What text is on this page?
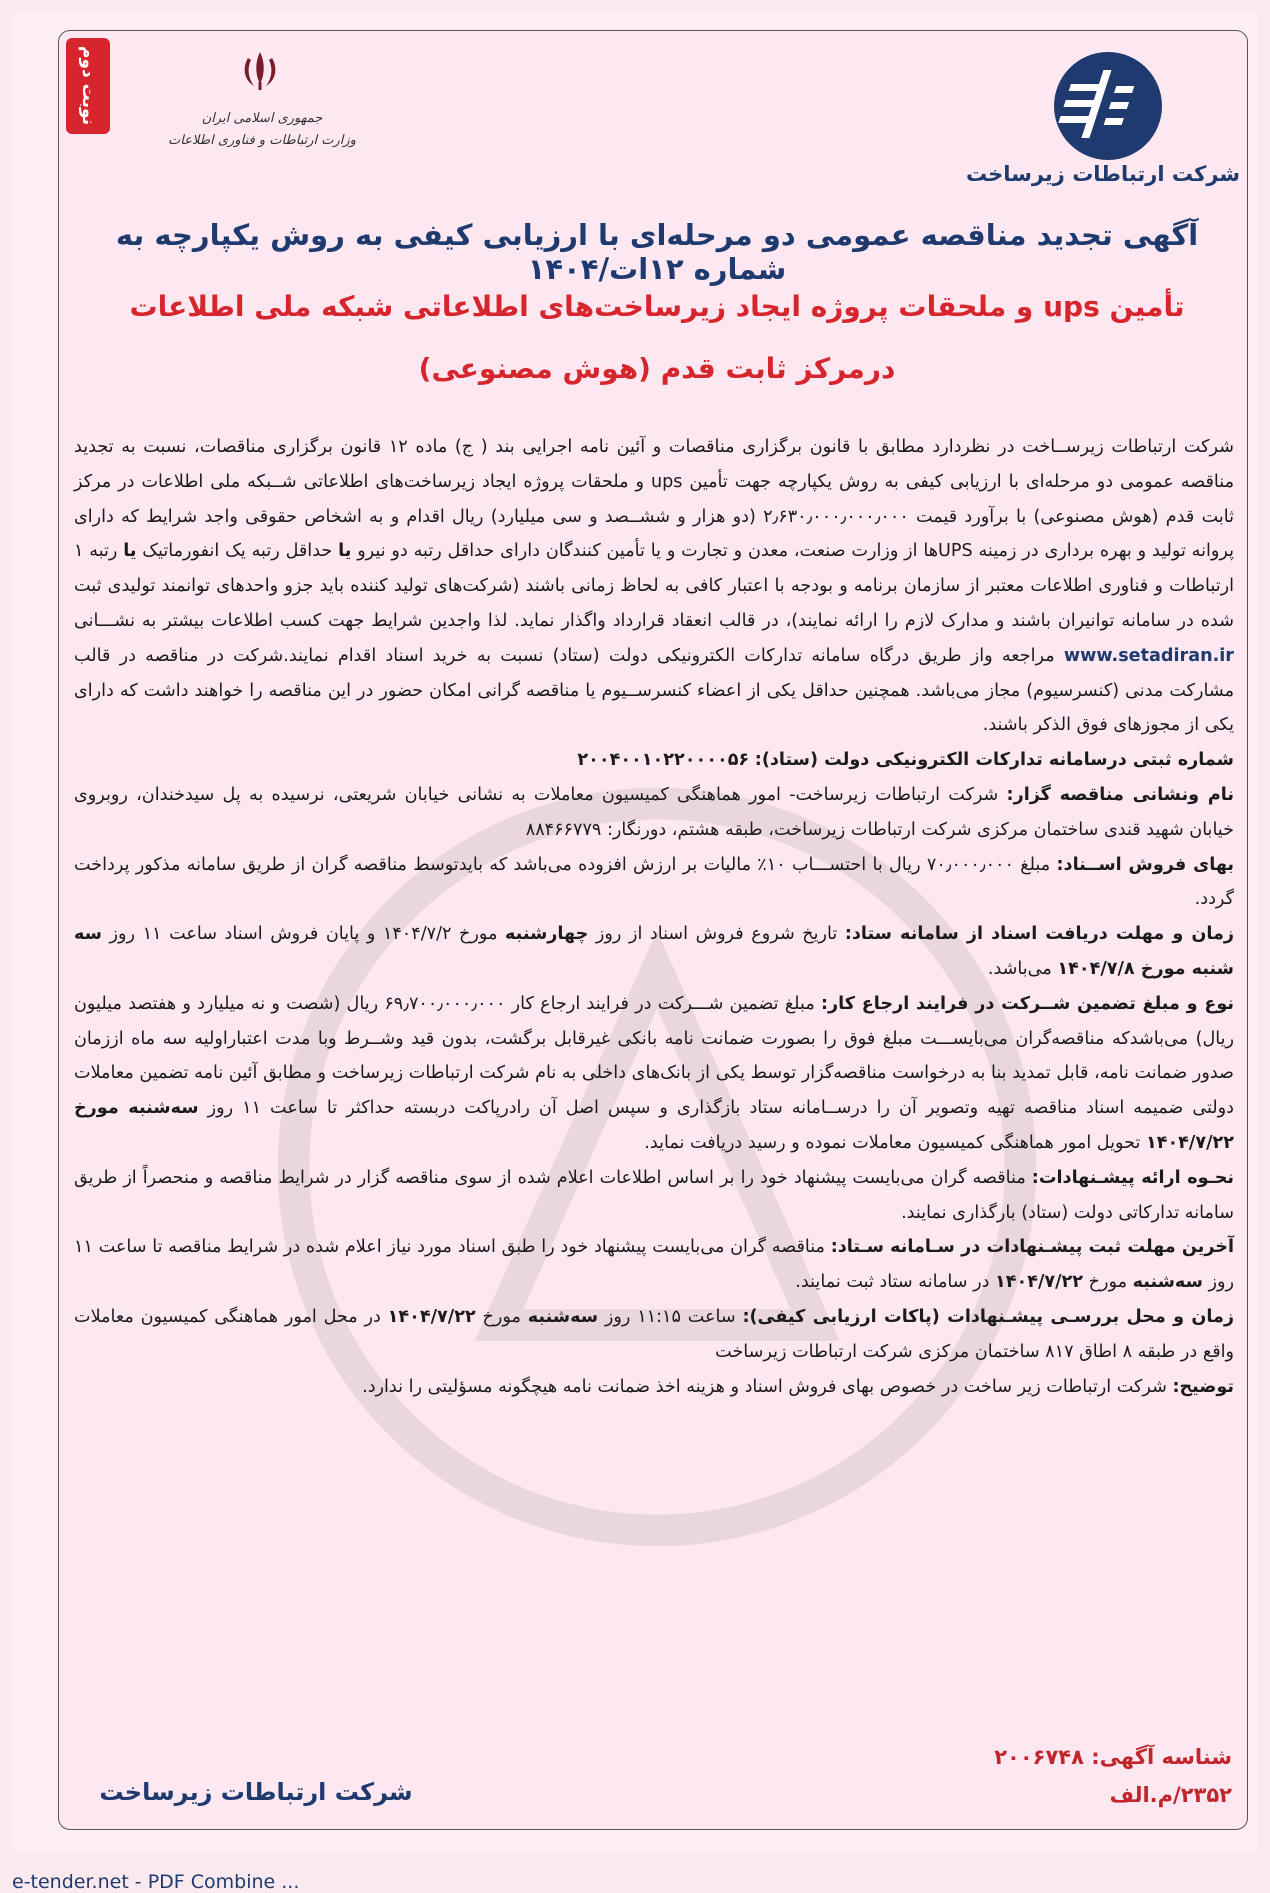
نوبت دوم	جمهوری اسلامی ایران
وزارت ارتباطات و فناوری اطلاعات
شرکت ارتباطات زیرساخت
آگهی تجدید مناقصه عمومی دو مرحله‌ای با ارزیابی کیفی به روش یکپارچه به شماره ۱۲ات/۱۴۰۴
تأمین ups و ملحقات پروژه ایجاد زیرساخت‌های اطلاعاتی شبکه ملی اطلاعات
درمرکز ثابت قدم (هوش مصنوعی)

شرکت ارتباطات زیرســاخت در نظردارد مطابق با قانون برگزاری مناقصات و آئین نامه اجرایی بند ( ج) ماده ۱۲ قانون برگزاری مناقصات، نسبت به تجدید مناقصه عمومی دو مرحله‌ای با ارزیابی کیفی به روش یکپارچه جهت تأمین ups و ملحقات پروژه ایجاد زیرساخت‌های اطلاعاتی شــبکه ملی اطلاعات در مرکز ثابت قدم (هوش مصنوعی) با برآورد قیمت ۲٫۶۳۰٫۰۰۰٫۰۰۰٫۰۰۰ (دو هزار و ششــصد و سی میلیارد) ریال اقدام و به اشخاص حقوقی واجد شرایط که دارای پروانه تولید و بهره برداری در زمینه UPSها از وزارت صنعت، معدن و تجارت و یا تأمین کنندگان دارای حداقل رتبه دو نیرو یا حداقل رتبه یک انفورماتیک یا رتبه ۱ ارتباطات و فناوری اطلاعات معتبر از سازمان برنامه و بودجه با اعتبار کافی به لحاظ زمانی باشند (شرکت‌های تولید کننده باید جزو واحدهای توانمند تولیدی ثبت شده در سامانه توانیران باشند و مدارک لازم را ارائه نمایند)، در قالب انعقاد قرارداد واگذار نماید. لذا واجدین شرایط جهت کسب اطلاعات بیشتر به نشـــانی www.setadiran.ir مراجعه واز طریق درگاه سامانه تدارکات الکترونیکی دولت (ستاد) نسبت به خرید اسناد اقدام نمایند.شرکت در مناقصه در قالب مشارکت مدنی (کنسرسیوم) مجاز می‌باشد. همچنین حداقل یکی از اعضاء کنسرســیوم یا مناقصه گرانی امکان حضور در این مناقصه را خواهند داشت که دارای یکی از مجوزهای فوق الذکر باشند.

شماره ثبتی درسامانه تدارکات الکترونیکی دولت (ستاد): ۲۰۰۴۰۰۱۰۲۲۰۰۰۰۵۶

نام ونشانی مناقصه گزار: شرکت ارتباطات زیرساخت- امور هماهنگی کمیسیون معاملات به نشانی خیابان شریعتی، نرسیده به پل سیدخندان، روبروی خیابان شهید قندی ساختمان مرکزی شرکت ارتباطات زیرساخت، طبقه هشتم، دورنگار: ۸۸۴۶۶۷۷۹

بهای فروش اســناد: مبلغ ۷۰٫۰۰۰٫۰۰۰ ریال با احتســـاب ۱۰٪ مالیات بر ارزش افزوده می‌باشد که بایدتوسط مناقصه گران از طریق سامانه مذکور پرداخت گردد.

زمان و مهلت دریافت اسناد از سامانه ستاد: تاریخ شروع فروش اسناد از روز چهارشنبه مورخ ۱۴۰۴/۷/۲ و پایان فروش اسناد ساعت ۱۱ روز سه شنبه مورخ ۱۴۰۴/۷/۸ می‌باشد.

نوع و مبلغ تضمین شــرکت در فرایند ارجاع کار: مبلغ تضمین شـــرکت در فرایند ارجاع کار ۶۹٫۷۰۰٫۰۰۰٫۰۰۰ ریال (شصت و نه میلیارد و هفتصد میلیون ریال) می‌باشدکه مناقصه‌گران می‌بایســـت مبلغ فوق را بصورت ضمانت نامه بانکی غیرقابل برگشت، بدون قید وشــرط وبا مدت اعتباراولیه سه ماه اززمان صدور ضمانت نامه، قابل تمدید بنا به درخواست مناقصه‌گزار توسط یکی از بانک‌های داخلی به نام شرکت ارتباطات زیرساخت و مطابق آئین نامه تضمین معاملات دولتی ضمیمه اسناد مناقصه تهیه وتصویر آن را درســامانه ستاد بازگذاری و سپس اصل آن رادرپاکت دربسته حداکثر تا ساعت ۱۱ روز سه‌شنبه مورخ ۱۴۰۴/۷/۲۲ تحویل امور هماهنگی کمیسیون معاملات نموده و رسید دریافت نماید.

نحـوه ارائه پیشـنهادات: مناقصه گران می‌بایست پیشنهاد خود را بر اساس اطلاعات اعلام شده از سوی مناقصه گزار در شرایط مناقصه و منحصراً از طریق سامانه تدارکاتی دولت (ستاد) بارگذاری نمایند.

آخرین مهلت ثبت پیشـنهادات در سـامانه سـتاد: مناقصه گران می‌بایست پیشنهاد خود را طبق اسناد مورد نیاز اعلام شده در شرایط مناقصه تا ساعت ۱۱ روز سه‌شنبه مورخ ۱۴۰۴/۷/۲۲ در سامانه ستاد ثبت نمایند.

زمان و محل بررسـی پیشـنهادات (پاکات ارزیابی کیفی): ساعت ۱۱:۱۵ روز سه‌شنبه مورخ ۱۴۰۴/۷/۲۲ در محل امور هماهنگی کمیسیون معاملات واقع در طبقه ۸ اطاق ۸۱۷ ساختمان مرکزی شرکت ارتباطات زیرساخت

توضیح: شرکت ارتباطات زیر ساخت در خصوص بهای فروش اسناد و هزینه اخذ ضمانت نامه هیچگونه مسؤلیتی را ندارد.

شناسه آگهی: ۲۰۰۶۷۴۸
۲۳۵۲/م.الف
شرکت ارتباطات زیرساخت
e-tender.net - PDF Combine ...
